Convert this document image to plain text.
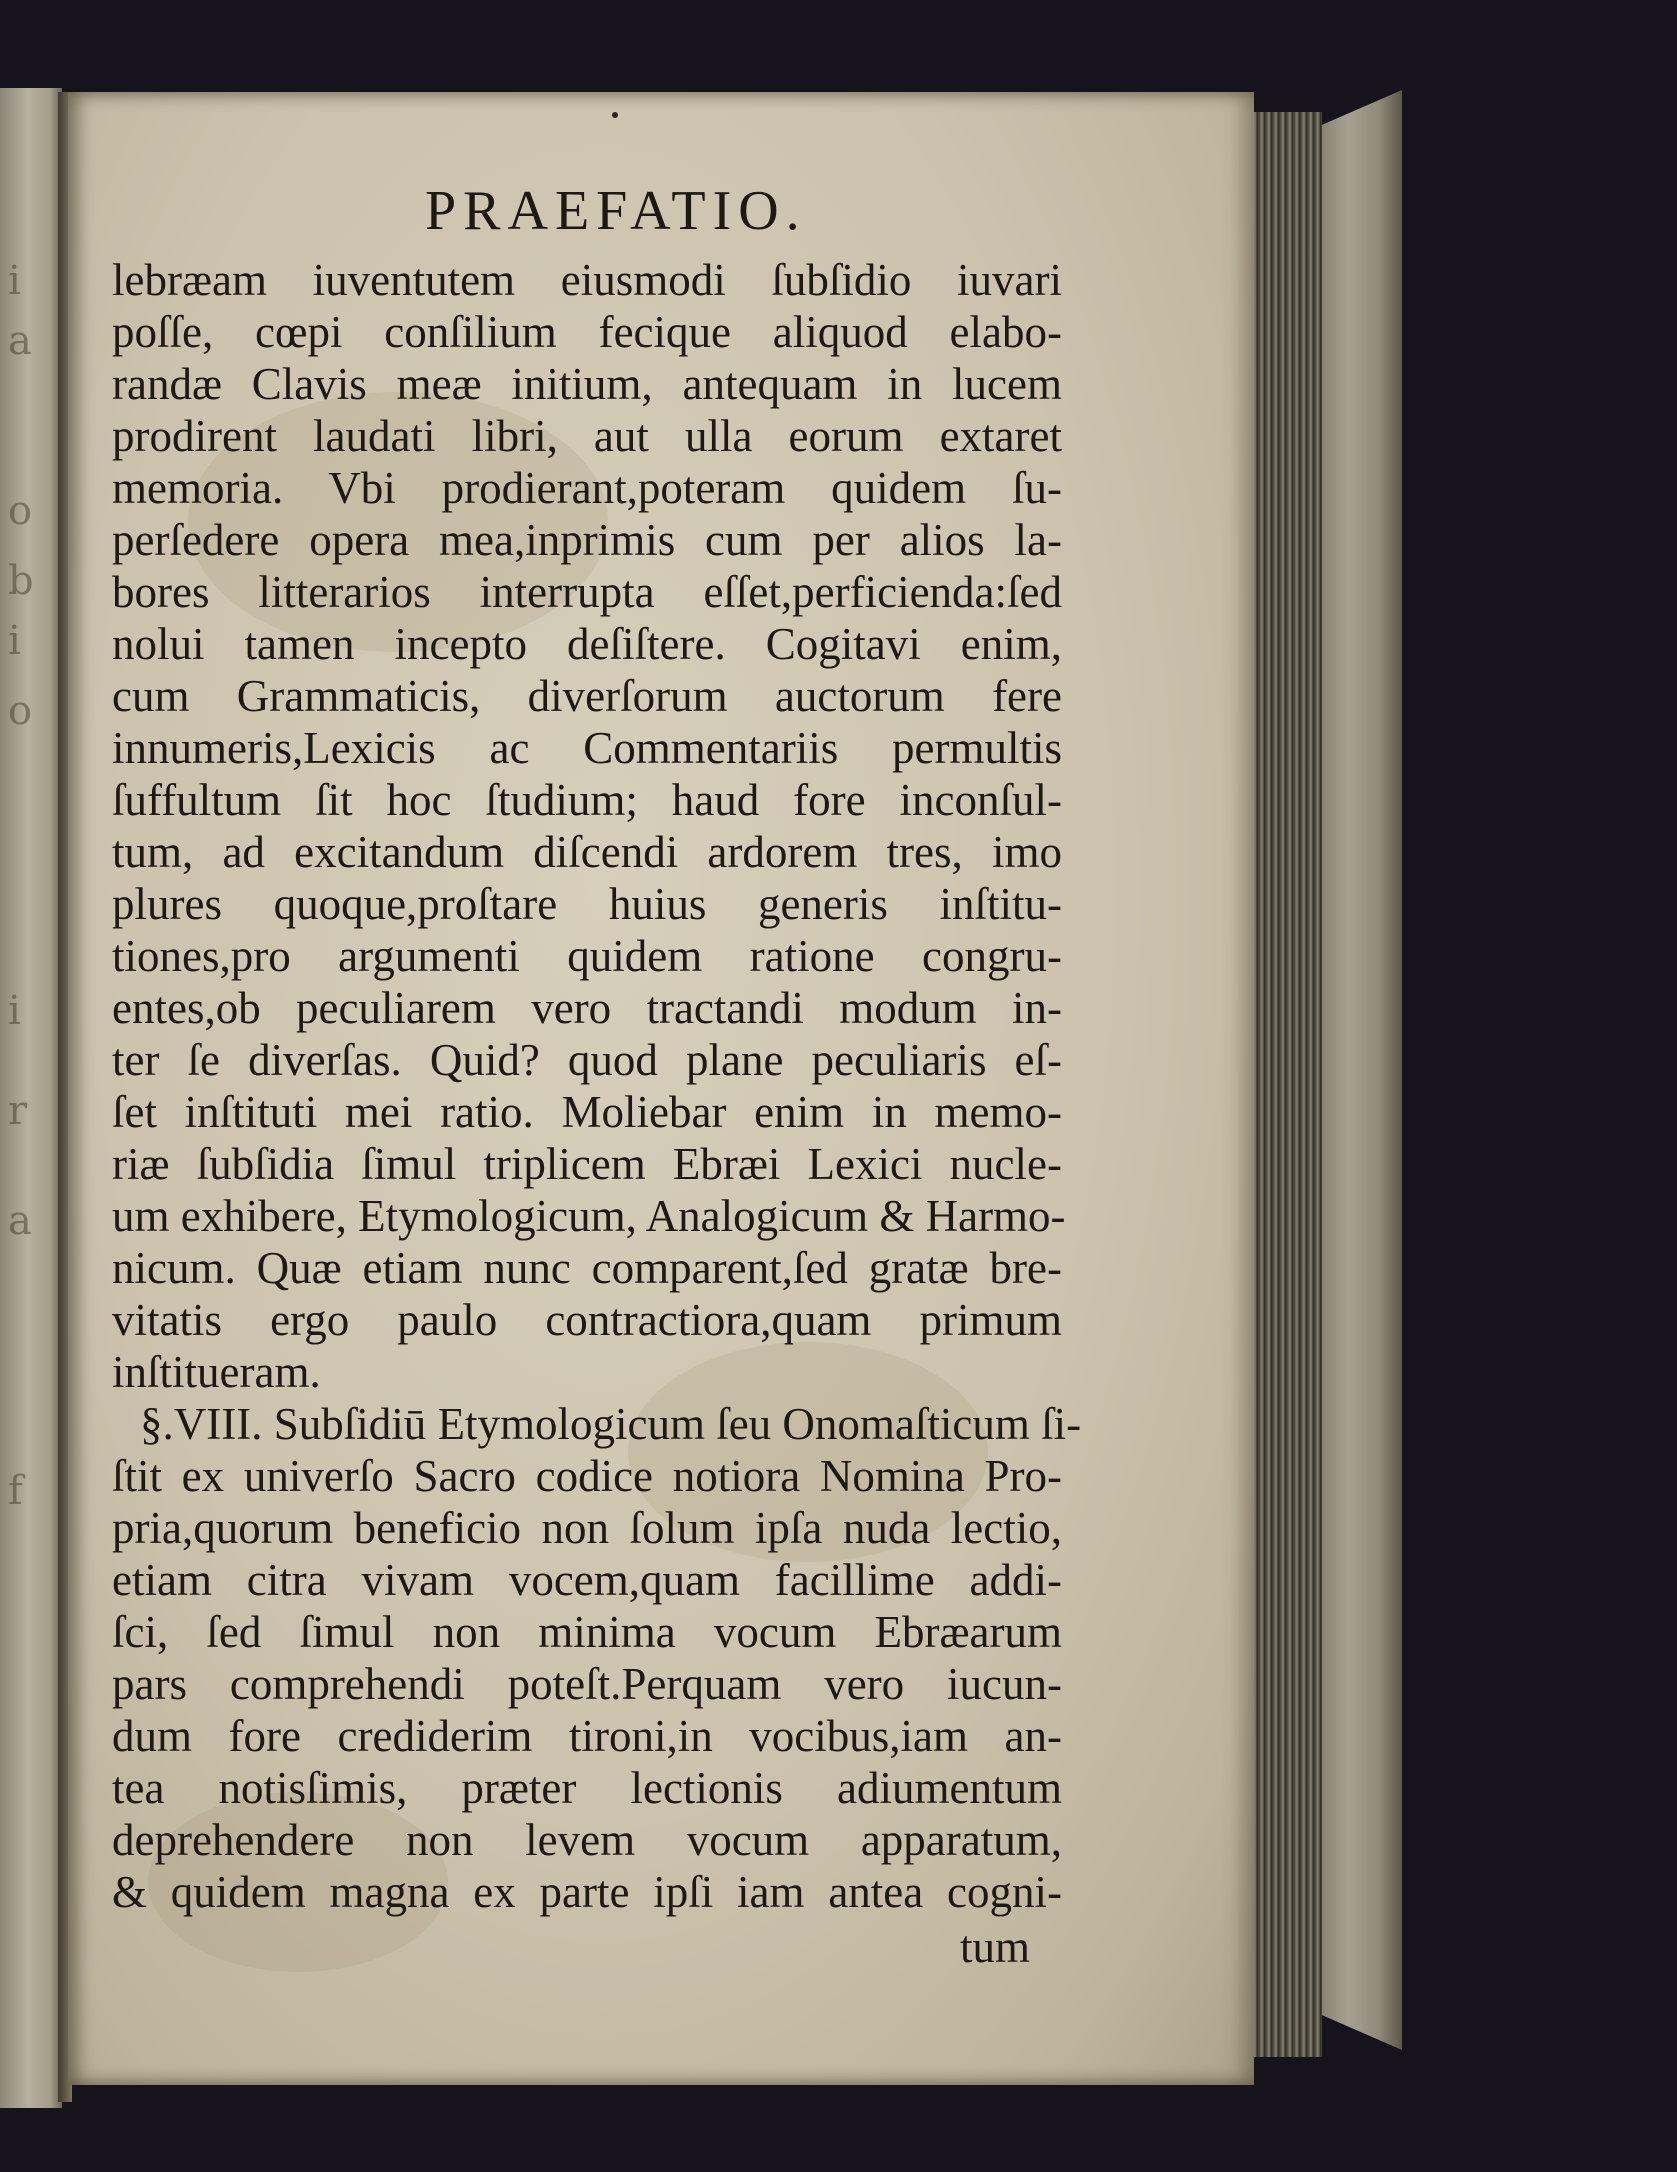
i
a
o
b
i
o
i
r
a
f
PRAEFATIO.
lebræam iuventutem eiusmodi ſubſidio iuvari
poſſe, cœpi conſilium fecique aliquod elabo-
randæ Clavis meæ initium, antequam in lucem
prodirent laudati libri, aut ulla eorum extaret
memoria. Vbi prodierant,poteram quidem ſu-
perſedere opera mea,inprimis cum per alios la-
bores litterarios interrupta eſſet,perficienda:ſed
nolui tamen incepto deſiſtere. Cogitavi enim,
cum Grammaticis, diverſorum auctorum fere
innumeris,Lexicis ac Commentariis permultis
ſuffultum ſit hoc ſtudium; haud fore inconſul-
tum, ad excitandum diſcendi ardorem tres, imo
plures quoque,proſtare huius generis inſtitu-
tiones,pro argumenti quidem ratione congru-
entes,ob peculiarem vero tractandi modum in-
ter ſe diverſas. Quid? quod plane peculiaris eſ-
ſet inſtituti mei ratio. Moliebar enim in memo-
riæ ſubſidia ſimul triplicem Ebræi Lexici nucle-
um exhibere, Etymologicum, Analogicum & Harmo-
nicum. Quæ etiam nunc comparent,ſed gratæ bre-
vitatis ergo paulo contractiora,quam primum
inſtitueram.
§.VIII. Subſidiū Etymologicum ſeu Onomaſticum ſi-
ſtit ex univerſo Sacro codice notiora Nomina Pro-
pria,quorum beneficio non ſolum ipſa nuda lectio,
etiam citra vivam vocem,quam facillime addi-
ſci, ſed ſimul non minima vocum Ebræarum
pars comprehendi poteſt.Perquam vero iucun-
dum fore crediderim tironi,in vocibus,iam an-
tea notisſimis, præter lectionis adiumentum
deprehendere non levem vocum apparatum,
& quidem magna ex parte ipſi iam antea cogni-
tum
